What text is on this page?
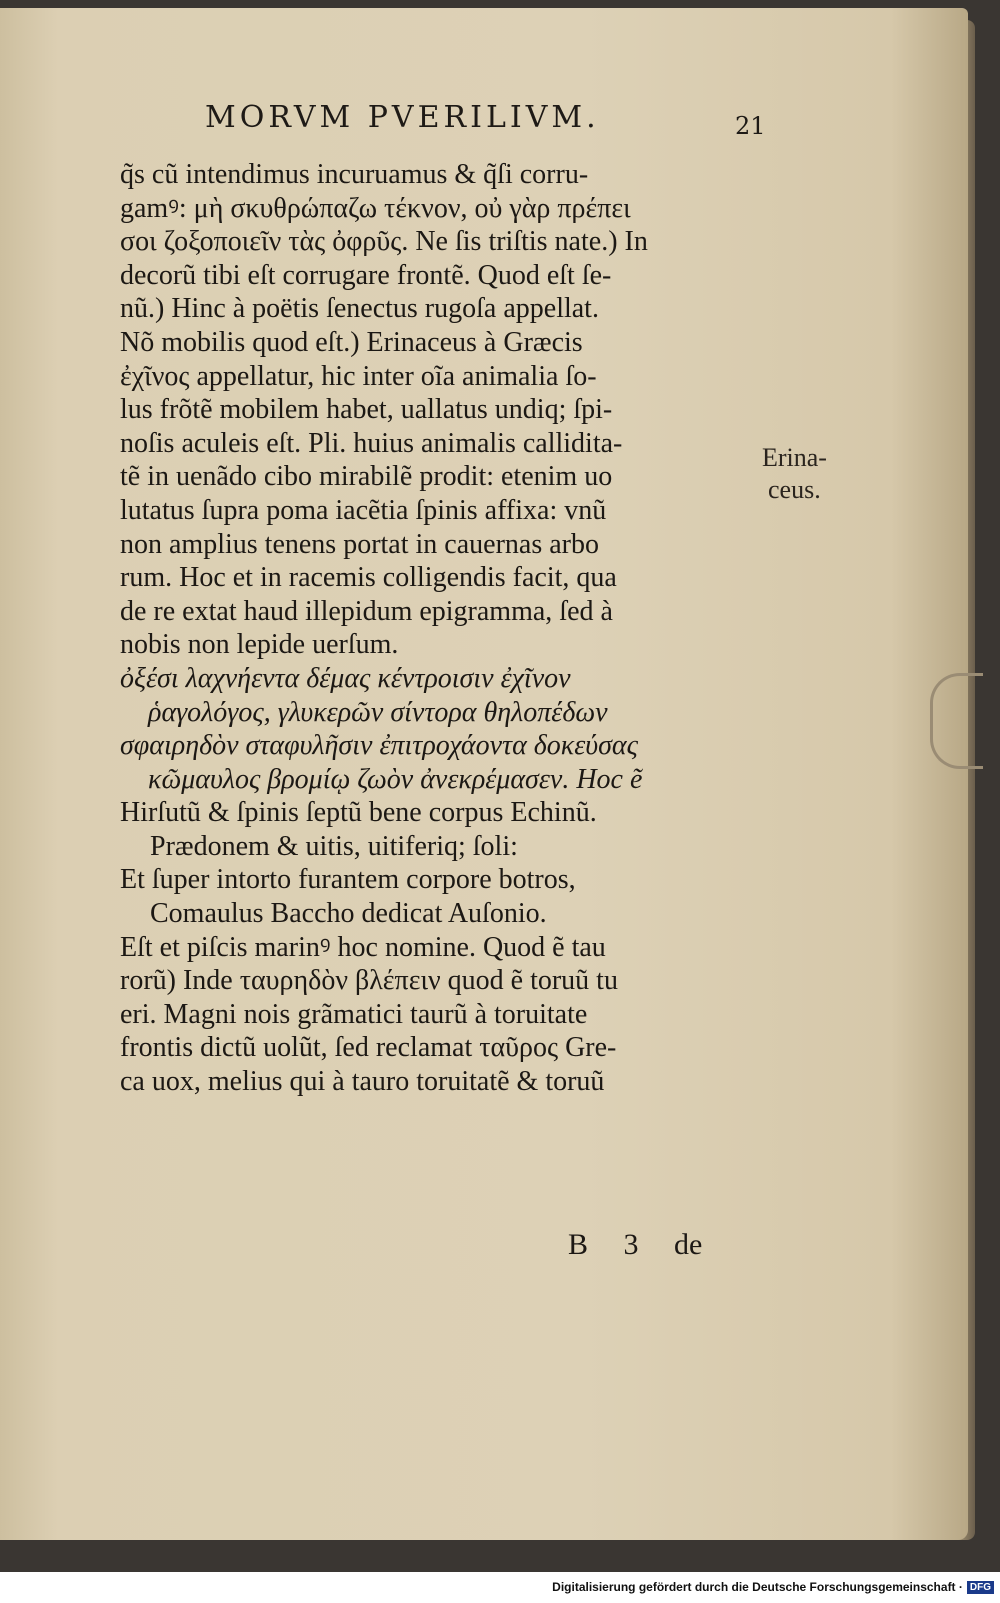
MORVM PVERILIVM.	21
q̃s cũ intendimus incuruamus & q̃ſi corru-
gamꝰ: μὴ σκυθρώπαζω τέκνον, οὐ γὰρ πρέπει
σοι ζοξοποιεῖν τὰς ὀφρῦς. Ne ſis triſtis nate.) In
decorũ tibi eſt corrugare frontẽ. Quod eſt ſe-
nũ.) Hinc à poëtis ſenectus rugoſa appellat.
Nõ mobilis quod eſt.) Erinaceus à Græcis
ἐχῖνος appellatur, hic inter oĩa animalia ſo-
lus frõtẽ mobilem habet, uallatus undiq; ſpi-
noſis aculeis eſt. Pli. huius animalis callidita-
tẽ in uenãdo cibo mirabilẽ prodit: etenim uo
lutatus ſupra poma iacẽtia ſpinis affixa: vnũ
non amplius tenens portat in cauernas arbo
rum. Hoc et in racemis colligendis facit, qua
de re extat haud illepidum epigramma, ſed à
nobis non lepide uerſum.
ὀξέσι λαχνήεντα δέμας κέντροισιν ἐχῖνον
ῥαγολόγος, γλυκερῶν σίντορα θηλοπέδων
σφαιρηδὸν σταφυλῆσιν ἐπιτροχάοντα δοκεύσας
κῶμαυλος βρομίῳ ζωὸν ἀνεκρέμασεν. Hoc ẽ
Hirſutũ & ſpinis ſeptũ bene corpus Echinũ.
Prædonem & uitis, uitiferiq; ſoli:
Et ſuper intorto furantem corpore botros,
Comaulus Baccho dedicat Auſonio.
Eſt et piſcis marinꝰ hoc nomine. Quod ẽ tau
rorũ) Inde ταυρηδὸν βλέπειν quod ẽ toruũ tu
eri. Magni nois grãmatici taurũ à toruitate
frontis dictũ uolũt, ſed reclamat ταῦρος Gre-
ca uox, melius qui à tauro toruitatẽ & toruũ
Erina-
ceus.
B 3 de
Digitalisierung gefördert durch die Deutsche Forschungsgemeinschaft · DFG
